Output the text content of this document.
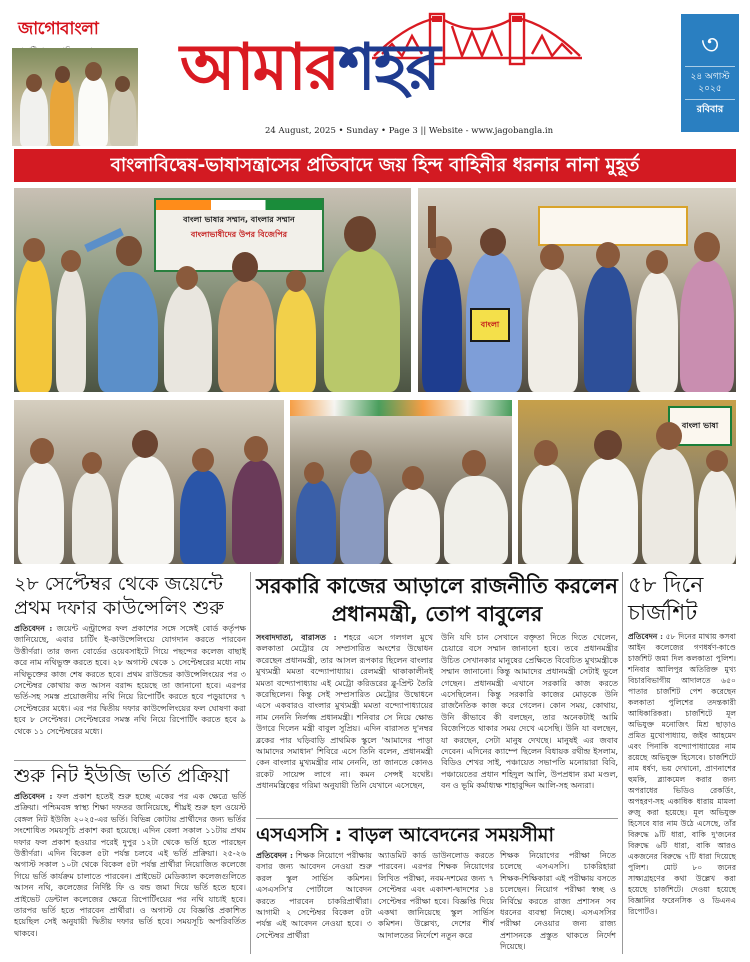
জাগোবাংলা
আমারশহর
24 August, 2025 • Sunday • Page 3 || Website - www.jagobangla.in
৩
২৪ অগাস্ট ২০২৫
রবিবার
বাংলাবিদ্বেষ-ভাষাসন্ত্রাসের প্রতিবাদে জয় হিন্দ বাহিনীর ধরনার নানা মুহূর্ত
বাংলা ভাষার সম্মান, বাংলার সম্মান
বাংলাভাষীদের উপর বিজেপির
বাংলা
বাংলা ভাষা
২৮ সেপ্টেম্বর থেকে জয়েন্টে প্রথম দফার কাউন্সেলিং শুরু
প্রতিবেদন : জয়েন্ট এন্ট্রান্সের ফল প্রকাশের সঙ্গে সঙ্গেই বোর্ড কর্তৃপক্ষ জানিয়েছে, এবার চার্টিং ই-কাউন্সেলিংয়ে যোগদান করতে পারবেন উত্তীর্ণরা। তার জন্য বোর্ডের ওয়েবসাইটে গিয়ে পছন্দের কলেজ বাছাই করে নাম নথিভুক্ত করতে হবে। ২৮ অগাস্ট থেকে ১ সেপ্টেম্বরের মধ্যে নাম নথিভুক্তের কাজ শেষ করতে হবে। প্রথম রাউন্ডের কাউন্সেলিংয়ের পর ৩ সেপ্টেম্বর কোথায় কত আসন বরাদ্দ হয়েছে তা জানানো হবে। এরপর ভর্তি-সহ সমস্ত প্রয়োজনীয় নথি নিয়ে রিপোর্টিং করতে হবে পড়ুয়াদের ৭ সেপ্টেম্বরের মধ্যে। এর পর দ্বিতীয় দফার কাউন্সেলিংয়ের ফল ঘোষণা করা হবে ৮ সেপ্টেম্বর। সেপ্টেম্বরের সমস্ত নথি নিয়ে রিপোর্টিং করতে হবে ৯ থেকে ১১ সেপ্টেম্বরের মধ্যে।
শুরু নিট ইউজি ভর্তি প্রক্রিয়া
প্রতিবেদন : ফল প্রকাশ হতেই শুরু হচ্ছে একের পর এক ক্ষেত্রে ভর্তি প্রক্রিয়া। পশ্চিমবঙ্গ স্বাস্থ্য শিক্ষা দফতর জানিয়েছে, শীঘ্রই শুরু হল ওয়েস্ট বেঙ্গল নিট ইউজি ২০২৫-এর ভর্তি। বিভিন্ন কোটায় প্রার্থীদের জন্য ভর্তির সংশোধিত সময়সূচি প্রকাশ করা হয়েছে। এদিন বেলা সকাল ১১টায় প্রথম দফার ফল প্রকাশ হওয়ার পরেই দুপুর ১২টা থেকে ভর্তি হতে পারছেন উত্তীর্ণরা। এদিন বিকেল ৫টা পর্যন্ত চলবে এই ভর্তি প্রক্রিয়া। ২৫-২৬ অগাস্ট সকাল ১০টা থেকে বিকেল ৫টা পর্যন্ত প্রার্থীরা নিয়োজিত কলেজে গিয়ে ভর্তি কার্যক্রম চালাতে পারবেন। প্রাইভেট মেডিক্যাল কলেজগুলিতে আসন নথি, কলেজের নির্দিষ্ট ফি ও বন্ড জমা দিয়ে ভর্তি হতে হবে। প্রাইভেট ডেন্টাল কলেজের ক্ষেত্রে রিপোর্টিংয়ের পর নথি যাচাই হবে। তারপর ভর্তি হতে পারবেন প্রার্থীরা। ও অগাস্ট যে বিজ্ঞপ্তি প্রকাশিত হয়েছিল সেই অনুযায়ী দ্বিতীয় দফার ভর্তি হবে। সময়সূচি অপরিবর্তিত থাকবে।
সরকারি কাজের আড়ালে রাজনীতি করলেন প্রধানমন্ত্রী, তোপ বাবুলের
সংবাদদাতা, বারাসত : শহরে এসে গলগল মুখে কলকাতা মেট্রোর যে সম্প্রসারিত অংশের উদ্বোধন করেছেন প্রধানমন্ত্রী, তার আসল রূপকার ছিলেন বাংলার মুখ্যমন্ত্রী মমতা বন্দ্যোপাধ্যায়। রেলমন্ত্রী থাকাকালীনই মমতা বন্দ্যোপাধ্যায় এই মেট্রো করিডরের ব্লু-প্রিন্ট তৈরি করেছিলেন। কিন্তু সেই সম্প্রসারিত মেট্রোর উদ্বোধনে এসে একবারও বাংলার মুখ্যমন্ত্রী মমতা বন্দ্যোপাধ্যায়ের নাম নেননি নির্লজ্জ প্রধানমন্ত্রী। শনিবার সে নিয়ে ক্ষোভ উগরে দিলেন মন্ত্রী বাবুল সুপ্রিয়। এদিন বারাসত দু'নম্বর ব্লকের পার ঘড়িবাড়ি প্রাথমিক স্কুলে 'আমাদের পাড়া আমাদের সমাধান' শিবিরে এসে তিনি বলেন, প্রধানমন্ত্রী কেন বাংলার মুখ্যমন্ত্রীর নাম নেননি, তা জানতে কোনও রকেট সায়েন্স লাগে না। কমন সেন্সই যথেষ্ট। প্রধানমন্ত্রিত্বের গরিমা অনুযায়ী তিনি যেখানে এসেছেন,
উনি যদি চান সেখানে বক্তৃতা দিতে দিতে খেলেন, চেয়ারে বসে সম্মান জানানো হবে। তবে প্রধানমন্ত্রীর উচিত সেখানকার মানুষের প্রেক্ষিতে বিবেচিত মুখ্যমন্ত্রীকে সম্মান জানানো। কিন্তু আমাদের প্রধানমন্ত্রী সেটাই ভুলে গেছেন। প্রধানমন্ত্রী এখানে সরকারি কাজ করতে এসেছিলেন। কিন্তু সরকারি কাজের মোড়কে উনি রাজনৈতিক কাজ করে গেলেন। কোন সময়, কোথায়, উনি কীভাবে কী বলছেন, তার অনেকটাই আমি বিজেপিতে থাকার সময় দেখে এসেছি। উনি যা বলছেন, যা করছেন, সেটা মানুষ দেখছে। মানুষই এর জবাব দেবেন। এদিনের ক্যাম্পে ছিলেন বিধায়ক রথীন্দ্র ইসলাম, বিডিও শেখর সাই, পঞ্চায়েত সভাপতি মনোয়ারা বিবি, পঞ্চায়েতের প্রধান শহিদুল আলি, উপপ্রধান রমা মণ্ডল, বন ও ভূমি কর্মাধ্যক্ষ শাহাবুদ্দিন আলি-সহ অন্যরা।
এসএসসি : বাড়ল আবেদনের সময়সীমা
প্রতিবেদন : শিক্ষক নিয়োগে পরীক্ষায় বসার জন্য আবেদন নেওয়া শুরু করল স্কুল সার্ভিস কমিশন। এসএসসি'র পোর্টালে আবেদন করতে পারবেন চাকরিপ্রার্থীরা। আগামী ২ সেপ্টেম্বর বিকেল ৫টা পর্যন্ত এই আবেদন নেওয়া হবে। ৩ সেপ্টেম্বর প্রার্থীরা
অ্যাডমিট কার্ড ডাউনলোড করতে পারবেন। এরপর শিক্ষক নিয়োগের লিখিত পরীক্ষা, নবম-দশমের জন্য ৭ সেপ্টেম্বর এবং একাদশ-দ্বাদশের ১৪ সেপ্টেম্বর পরীক্ষা হবে। বিজ্ঞপ্তি দিয়ে একথা জানিয়েছে স্কুল সার্ভিস কমিশন। উল্লেখ্য, দেশের শীর্ষ আদালতের নির্দেশে নতুন করে
শিক্ষক নিয়োগের পরীক্ষা নিতে চলেছে এসএসসি। চাকরিহারা শিক্ষক-শিক্ষিকারা এই পরীক্ষায় বসতে চলেছেন। নিয়োগ পরীক্ষা স্বচ্ছ ও নির্বিঘ্নে করতে রাজ্য প্রশাসন সব ধরনের ব্যবস্থা নিচ্ছে। এসএসসির পরীক্ষা নেওয়ার জন্য রাজ্য প্রশাসনকে প্রস্তুত থাকতে নির্দেশ দিয়েছে।
৫৮ দিনে চার্জশিট
প্রতিবেদন : ৫৮ দিনের মাথায় কসবা আইন কলেজের গণধর্ষণ-কাণ্ডে চার্জশিট জমা দিল কলকাতা পুলিশ। শনিবার আলিপুর অতিরিক্ত মুখ্য বিচারবিভাগীয় আদালতে ৬৫০ পাতার চার্জশিট পেশ করেছেন কলকাতা পুলিশের তদন্তকারী আধিকারিকরা। চার্জশিটে মূল অভিযুক্ত মনোজিৎ মিশ্র ছাড়াও প্রমিত মুখোপাধ্যায়, জইব আহমেদ এবং পিনাকি বন্দ্যোপাধ্যায়ের নাম রয়েছে অভিযুক্ত হিসেবে। চার্জশিটে নাম ধর্ষণ, ভয় দেখানো, প্রাণনাশের হুমকি, ব্ল্যাকমেল করার জন্য অপরাধের ভিডিও রেকর্ডিং, অপহরণ-সহ একাধিক ধারায় মামলা রুজু করা হয়েছে। মূল অভিযুক্ত হিসেবে যার নাম উঠে এসেছে, তাঁর বিরুদ্ধে ৯টি ধারা, বাকি দু'জনের বিরুদ্ধে ৬টি ধারা, বাকি আরও একজনের বিরুদ্ধে ৭টি ধারা দিয়েছে পুলিশ। মোট ৮০ জনের সাক্ষ্যগ্রহণের কথা উল্লেখ করা হয়েছে চার্জশিটে। দেওয়া হয়েছে বিজ্ঞানির ফরেনসিক ও ডিএনএ রিপোর্টও।
